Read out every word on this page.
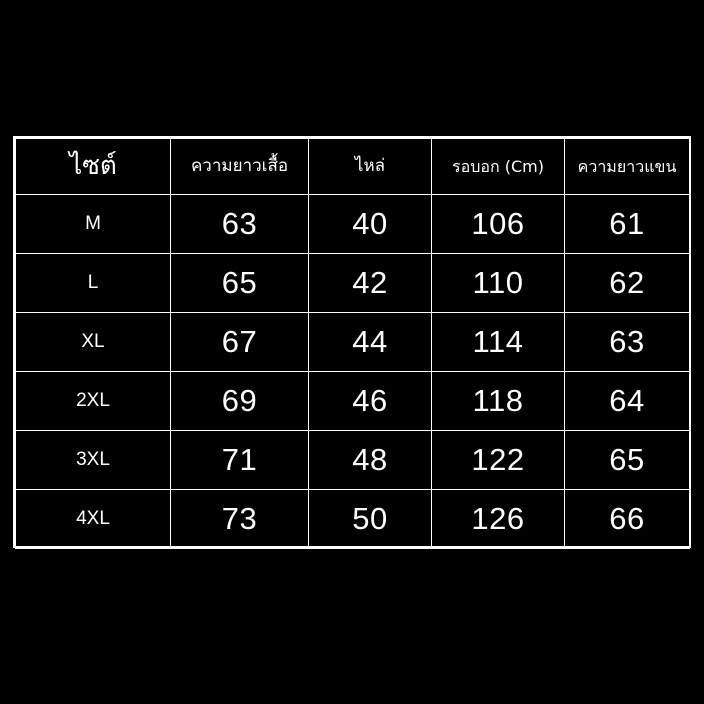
ไซต์	ความยาวเสื้อ	ไหล่	รอบอก (Cm)	ความยาวแขน
M	63	40	106	61
L	65	42	110	62
XL	67	44	114	63
2XL	69	46	118	64
3XL	71	48	122	65
4XL	73	50	126	66
